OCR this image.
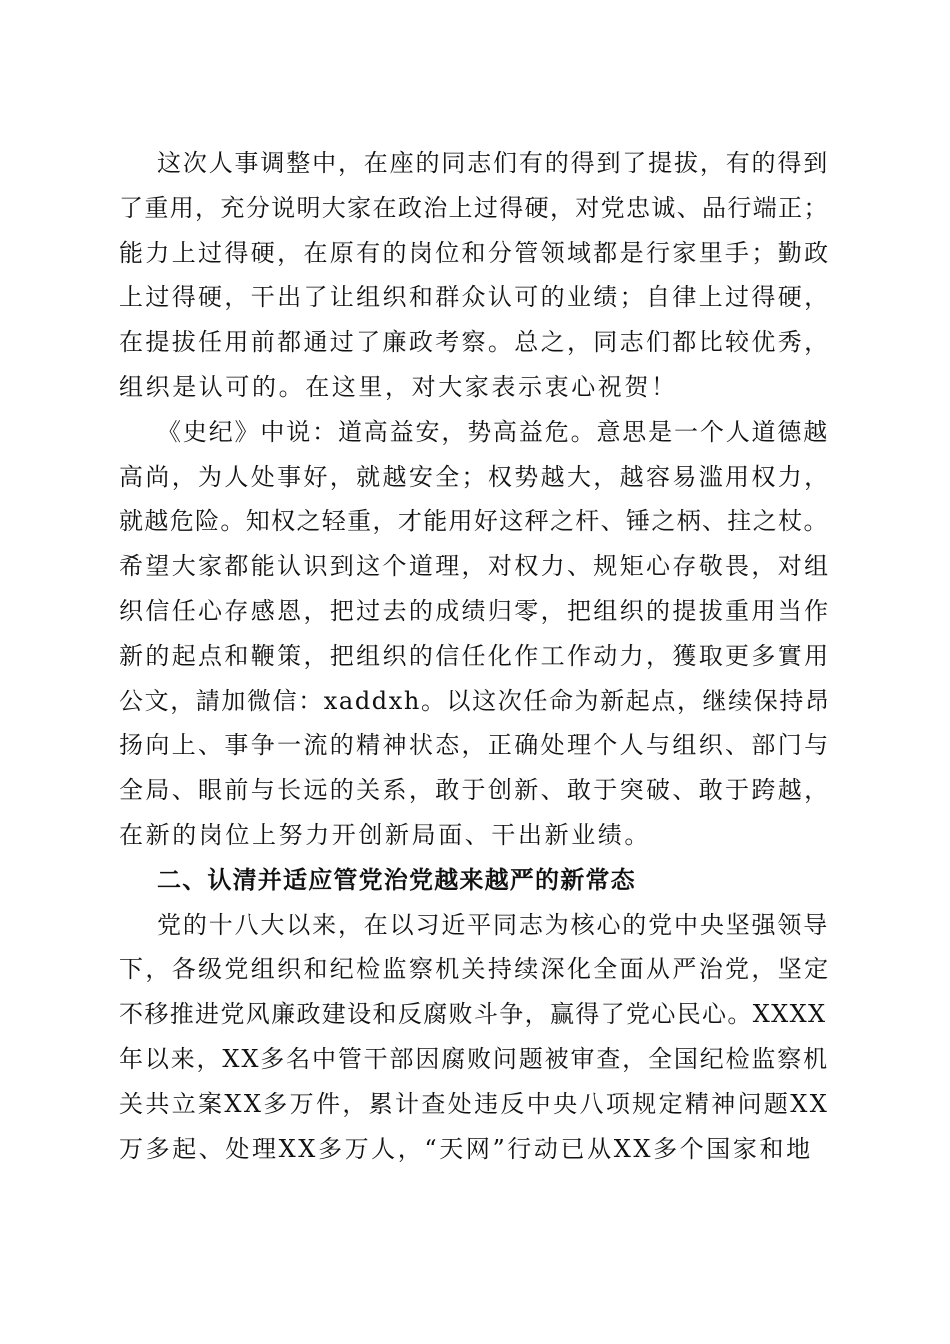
这次人事调整中，在座的同志们有的得到了提拔，有的得到
了重用，充分说明大家在政治上过得硬，对党忠诚、品行端正；
能力上过得硬，在原有的岗位和分管领域都是行家里手；勤政
上过得硬，干出了让组织和群众认可的业绩；自律上过得硬，
在提拔任用前都通过了廉政考察。总之，同志们都比较优秀，
组织是认可的。在这里，对大家表示衷心祝贺！
《史纪》中说：道高益安，势高益危。意思是一个人道德越
高尚，为人处事好，就越安全；权势越大，越容易滥用权力，
就越危险。知权之轻重，才能用好这秤之杆、锤之柄、拄之杖。
希望大家都能认识到这个道理，对权力、规矩心存敬畏，对组
织信任心存感恩，把过去的成绩归零，把组织的提拔重用当作
新的起点和鞭策，把组织的信任化作工作动力，獲取更多實用
公文，請加微信：xaddxh。以这次任命为新起点，继续保持昂
扬向上、事争一流的精神状态，正确处理个人与组织、部门与
全局、眼前与长远的关系，敢于创新、敢于突破、敢于跨越，
在新的岗位上努力开创新局面、干出新业绩。
二、认清并适应管党治党越来越严的新常态
党的十八大以来，在以习近平同志为核心的党中央坚强领导
下，各级党组织和纪检监察机关持续深化全面从严治党，坚定
不移推进党风廉政建设和反腐败斗争，赢得了党心民心。XXXX
年以来，XX多名中管干部因腐败问题被审查，全国纪检监察机
关共立案XX多万件，累计查处违反中央八项规定精神问题XX
万多起、处理XX多万人，“天网”行动已从XX多个国家和地
